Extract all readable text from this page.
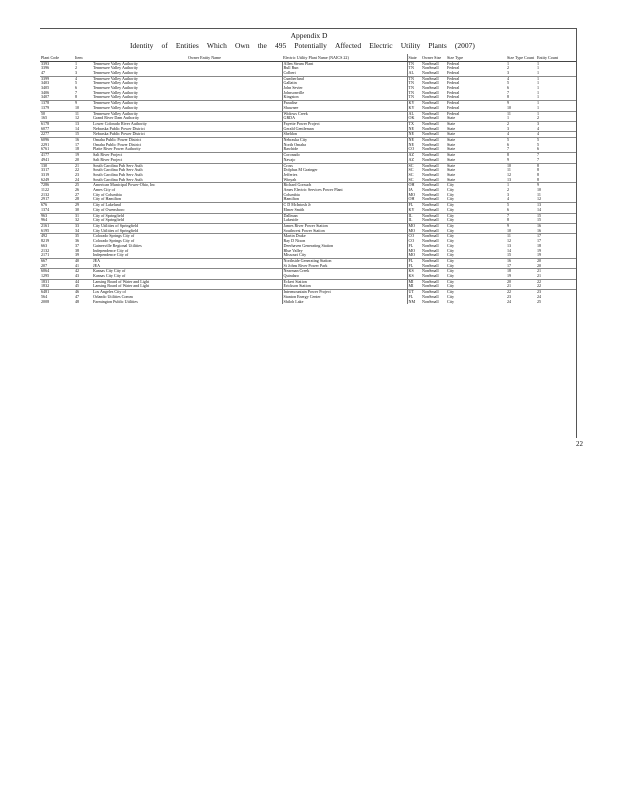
Appendix D
Identity of Entities Which Own the 495 Potentially Affected Electric Utility Plants (2007)
Plant Code	Item	Owner Entity Name	Electric Utility Plant Name (NAICS 22)	State	Owner Size	Size Type	Size Type Count	Entity Count
3393	1	Tennessee Valley Authority	Allen Steam Plant	TN	NonSmall	Federal	1	1
3396	2	Tennessee Valley Authority	Bull Run	TN	NonSmall	Federal	2	1
47	3	Tennessee Valley Authority	Colbert	AL	NonSmall	Federal	3	1
3399	4	Tennessee Valley Authority	Cumberland	TN	NonSmall	Federal	4	1
3403	5	Tennessee Valley Authority	Gallatin	TN	NonSmall	Federal	5	1
3405	6	Tennessee Valley Authority	John Sevier	TN	NonSmall	Federal	6	1
3406	7	Tennessee Valley Authority	Johnsonville	TN	NonSmall	Federal	7	1
3407	8	Tennessee Valley Authority	Kingston	TN	NonSmall	Federal	8	1
1378	9	Tennessee Valley Authority	Paradise	KY	NonSmall	Federal	9	1
1379	10	Tennessee Valley Authority	Shawnee	KY	NonSmall	Federal	10	1
50	11	Tennessee Valley Authority	Widows Creek	AL	NonSmall	Federal	11	1
165	12	Grand River Dam Authority	GRDA	OK	NonSmall	State	1	2
6178	13	Lower Colorado River Authority	Fayette Power Project	TX	NonSmall	State	2	3
6077	14	Nebraska Public Power District	Gerald Gentleman	NE	NonSmall	State	3	4
2277	15	Nebraska Public Power District	Sheldon	NE	NonSmall	State	4	4
6096	16	Omaha Public Power District	Nebraska City	NE	NonSmall	State	5	5
2291	17	Omaha Public Power District	North Omaha	NE	NonSmall	State	6	5
6761	18	Platte River Power Authority	Rawhide	CO	NonSmall	State	7	6
4177	19	Salt River Project	Coronado	AZ	NonSmall	State	8	7
4941	20	Salt River Project	Navajo	AZ	NonSmall	State	9	7
130	21	South Carolina Pub Serv Auth	Cross	SC	NonSmall	State	10	8
3317	22	South Carolina Pub Serv Auth	Dolphus M Grainger	SC	NonSmall	State	11	8
3319	23	South Carolina Pub Serv Auth	Jefferies	SC	NonSmall	State	12	8
6249	24	South Carolina Pub Serv Auth	Winyah	SC	NonSmall	State	13	8
7286	25	American Municipal Power-Ohio, Inc	Richard Gorsuch	OH	NonSmall	City	1	9
1122	26	Ames City of	Ames Electric Services Power Plant	IA	NonSmall	City	2	10
2132	27	City of Columbia	Columbia	MO	NonSmall	City	3	11
2917	28	City of Hamilton	Hamilton	OH	NonSmall	City	4	12
676	29	City of Lakeland	C D McIntosh Jr	FL	NonSmall	City	5	13
1374	30	City of Owensboro	Elmer Smith	KY	NonSmall	City	6	14
963	31	City of Springfield	Dallman	IL	NonSmall	City	7	15
964	32	City of Springfield	Lakeside	IL	NonSmall	City	8	15
2161	33	City Utilities of Springfield	James River Power Station	MO	NonSmall	City	9	16
6195	34	City Utilities of Springfield	Southwest Power Station	MO	NonSmall	City	10	16
492	35	Colorado Springs City of	Martin Drake	CO	NonSmall	City	11	17
8219	36	Colorado Springs City of	Ray D Nixon	CO	NonSmall	City	12	17
663	37	Gainesville Regional Utilities	Deerhaven Generating Station	FL	NonSmall	City	13	18
2132	38	Independence City of	Blue Valley	MO	NonSmall	City	14	19
2171	39	Independence City of	Missouri City	MO	NonSmall	City	15	19
667	40	JEA	Northside Generating Station	FL	NonSmall	City	16	20
207	41	JEA	St Johns River Power Park	FL	NonSmall	City	17	20
6064	42	Kansas City City of	Nearman Creek	KS	NonSmall	City	18	21
1295	43	Kansas City City of	Quindaro	KS	NonSmall	City	19	21
1831	44	Lansing Board of Water and Light	Eckert Station	MI	NonSmall	City	20	22
1832	45	Lansing Board of Water and Light	Erickson Station	MI	NonSmall	City	21	22
6481	46	Los Angeles City of	Intermountain Power Project	UT	NonSmall	City	22	23
564	47	Orlando Utilities Comm	Stanton Energy Center	FL	NonSmall	City	23	24
2008	48	Farmington Public Utilities	Shiloh Lake	NM	NonSmall	City	24	25
22
